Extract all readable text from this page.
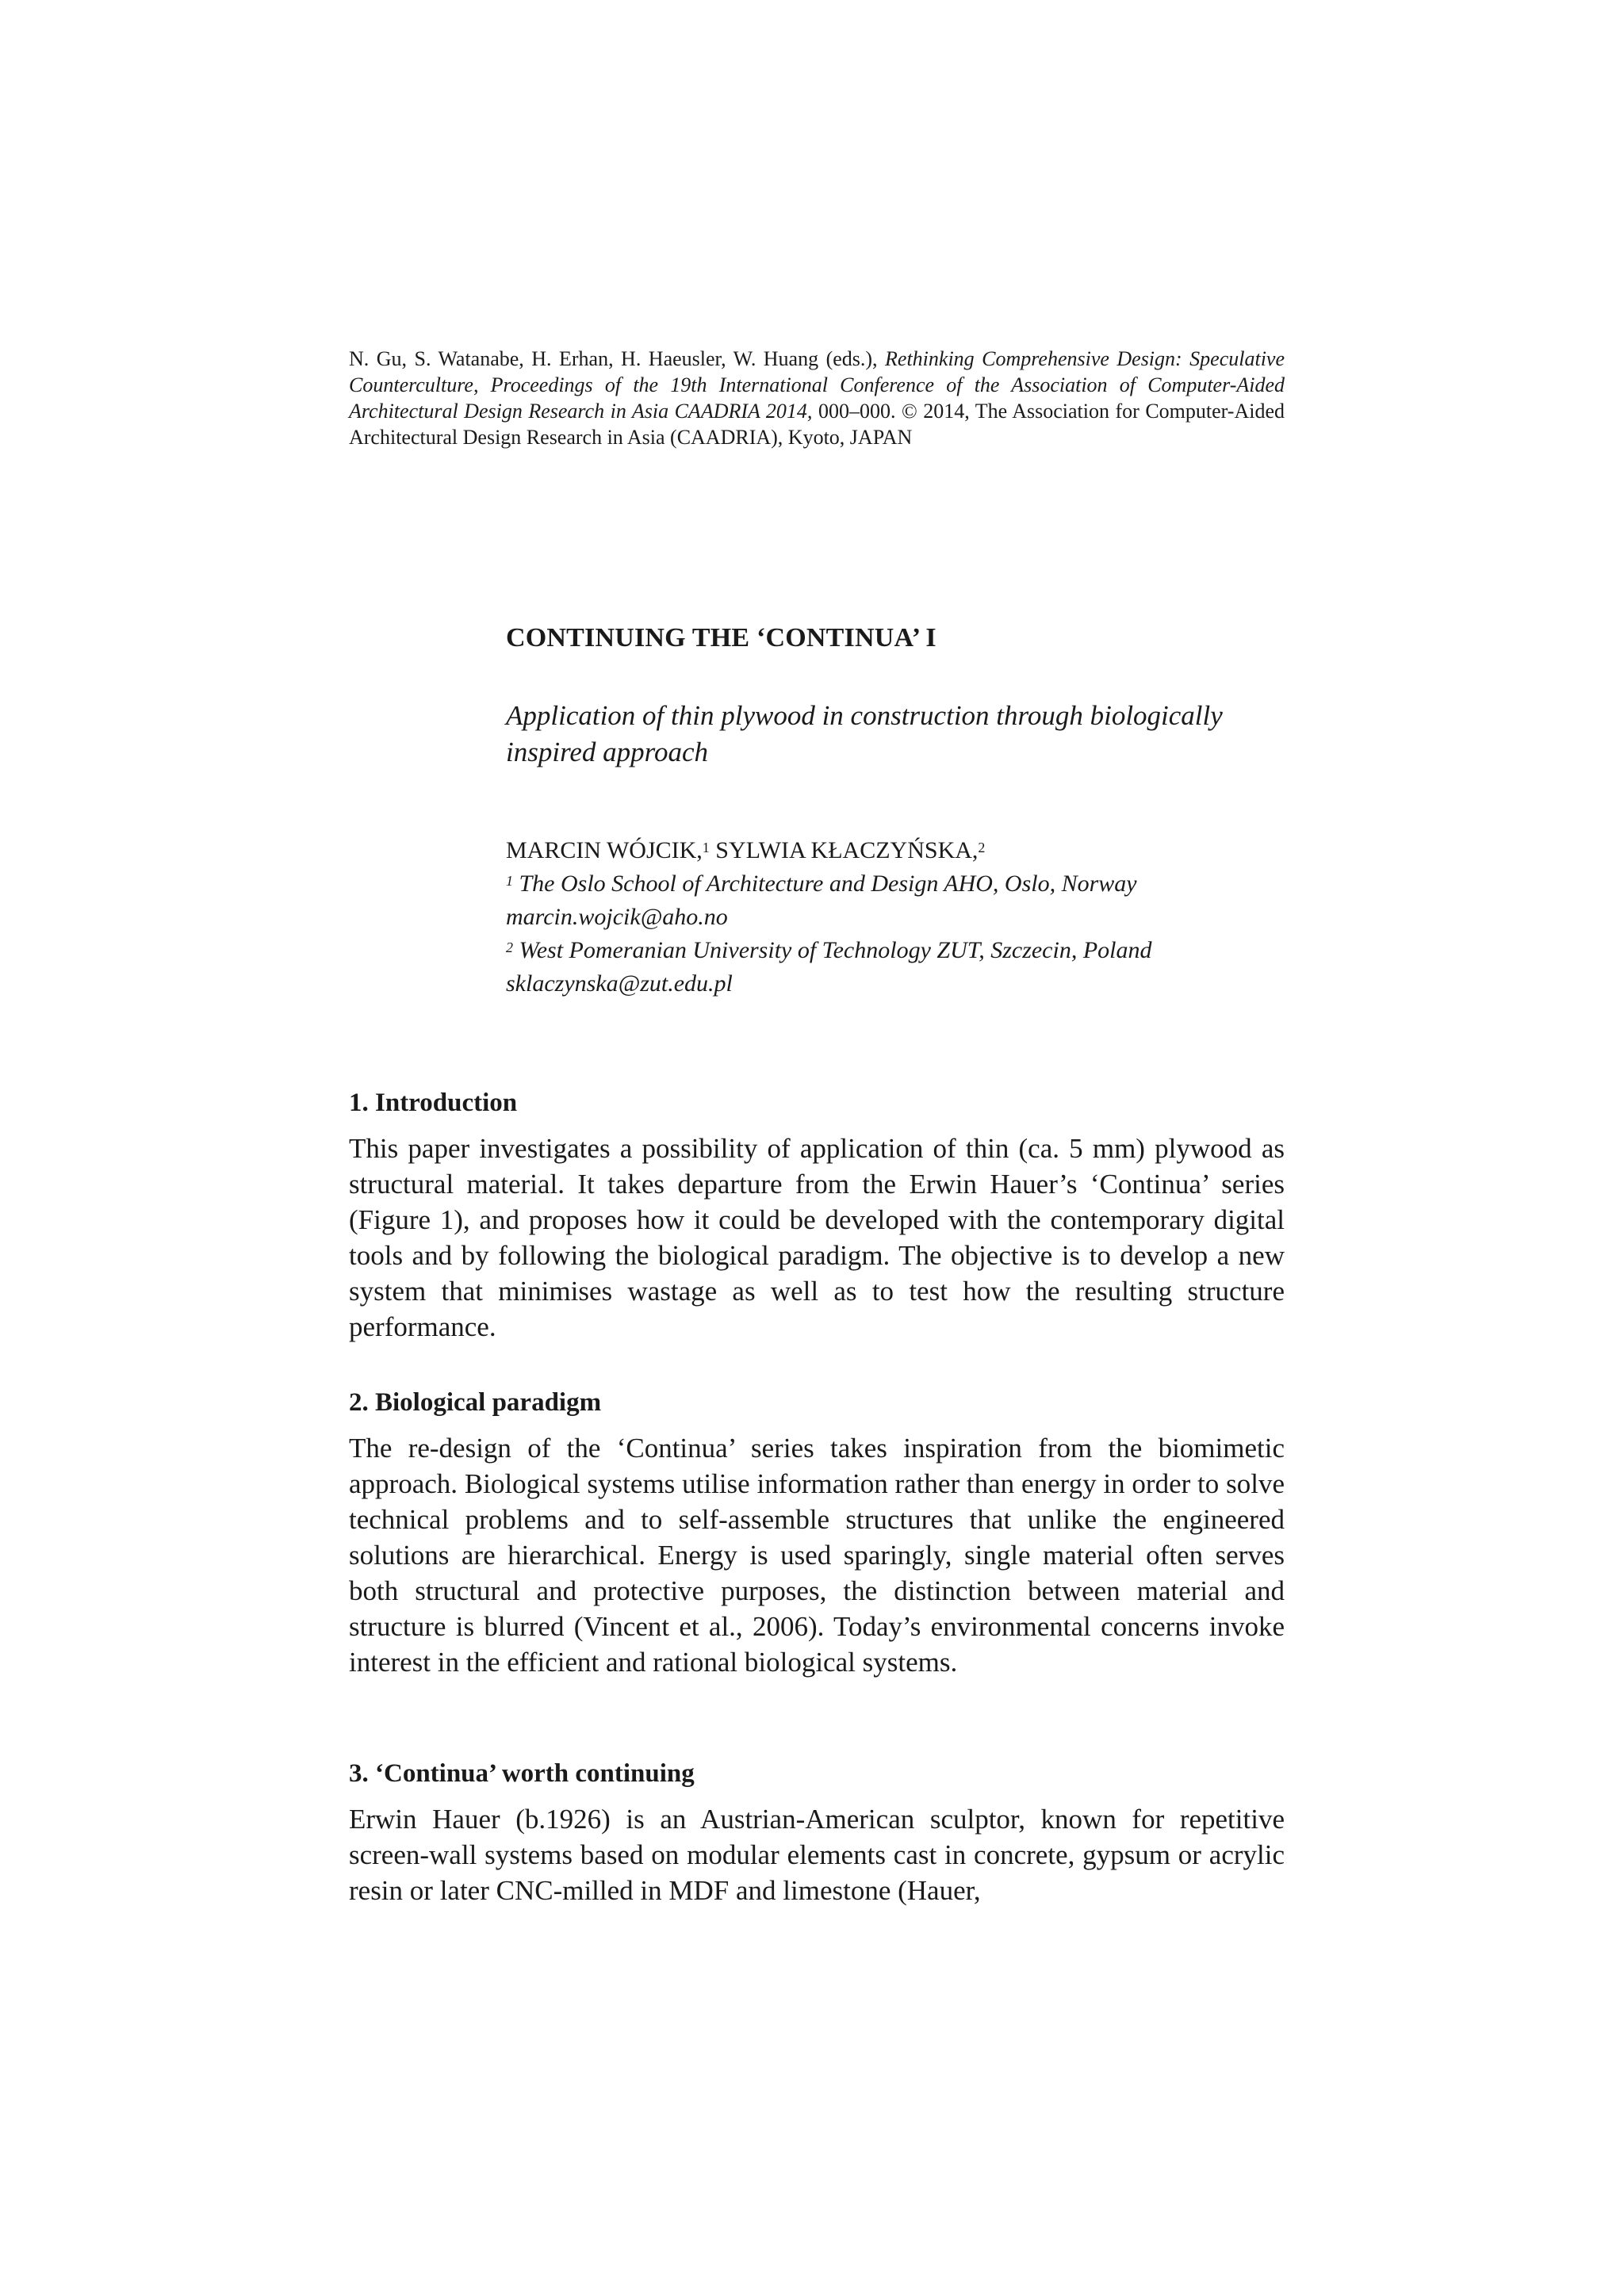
N. Gu, S. Watanabe, H. Erhan, H. Haeusler, W. Huang (eds.), Rethinking Comprehensive Design: Speculative Counterculture, Proceedings of the 19th International Conference of the Association of Computer-Aided Architectural Design Research in Asia CAADRIA 2014, 000–000. © 2014, The Association for Computer-Aided Architectural Design Research in Asia (CAADRIA), Kyoto, JAPAN
CONTINUING THE ‘CONTINUA’ I
Application of thin plywood in construction through biologically inspired approach
MARCIN WÓJCIK,$^1$ SYLWIA KŁACZYŃSKA,$^2$
$^1$ The Oslo School of Architecture and Design AHO, Oslo, Norway
marcin.wojcik@aho.no
$^2$ West Pomeranian University of Technology ZUT, Szczecin, Poland
sklaczynska@zut.edu.pl
1. Introduction

This paper investigates a possibility of application of thin (ca. 5 mm) plywood as structural material. It takes departure from the Erwin Hauer’s ‘Continua’ series (Figure 1), and proposes how it could be developed with the contemporary digital tools and by following the biological paradigm. The objective is to develop a new system that minimises wastage as well as to test how the resulting structure performance.

2. Biological paradigm

The re-design of the ‘Continua’ series takes inspiration from the biomimetic approach. Biological systems utilise information rather than energy in order to solve technical problems and to self-assemble structures that unlike the engineered solutions are hierarchical. Energy is used sparingly, single material often serves both structural and protective purposes, the distinction between material and structure is blurred (Vincent et al., 2006). Today’s environmental concerns invoke interest in the efficient and rational biological systems.

3. ‘Continua’ worth continuing

Erwin Hauer (b.1926) is an Austrian-American sculptor, known for repetitive screen-wall systems based on modular elements cast in concrete, gypsum or acrylic resin or later CNC-milled in MDF and limestone (Hauer,
